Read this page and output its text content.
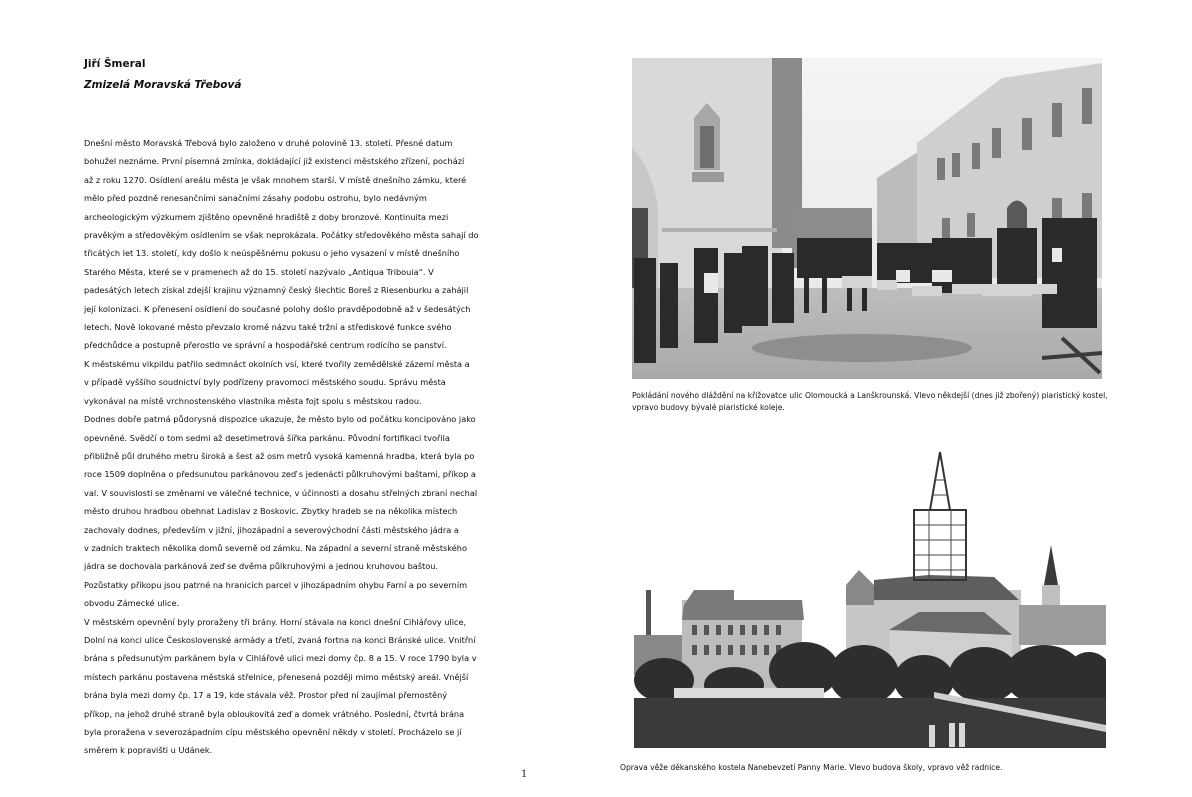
Jiří Šmeral
Zmizelá Moravská Třebová
Dnešní město Moravská Třebová bylo založeno v druhé polovině 13. století. Přesné datum
bohužel neznáme. První písemná zmínka, dokládající již existenci městského zřízení, pochází
až z roku 1270. Osídlení areálu města je však mnohem starší. V místě dnešního zámku, které
mělo před pozdně renesančními sanačními zásahy podobu ostrohu, bylo nedávným
archeologickým výzkumem zjištěno opevněné hradiště z doby bronzové. Kontinuita mezi
pravěkým a středověkým osídlením se však neprokázala. Počátky středověkého města sahají do
třicátých let 13. století, kdy došlo k neúspěšnému pokusu o jeho vysazení v místě dnešního
Starého Města, které se v pramenech až do 15. století nazývalo „Antiqua Tribouia“. V
padesátých letech získal zdejší krajinu významný český šlechtic Boreš z Riesenburku a zahájil
její kolonizaci. K přenesení osídlení do současné polohy došlo pravděpodobně až v šedesátých
letech. Nově lokované město převzalo kromě názvu také tržní a střediskové funkce svého
předchůdce a postupně přerostlo ve správní a hospodářské centrum rodícího se panství.
K městskému vikpildu patřilo sedmnáct okolních vsí, které tvořily zemědělské zázemí města a
v případě vyššího soudnictví byly podřízeny pravomoci městského soudu. Správu města
vykonával na místě vrchnostenského vlastníka města fojt spolu s městskou radou.
Dodnes dobře patrná půdorysná dispozice ukazuje, že město bylo od počátku koncipováno jako
opevněné. Svědčí o tom sedmi až desetimetrová šířka parkánu. Původní fortifikaci tvořila
přibližně půl druhého metru široká a šest až osm metrů vysoká kamenná hradba, která byla po
roce 1509 doplněna o předsunutou parkánovou zeď s jedenácti půlkruhovými baštami, příkop a
val. V souvislosti se změnami ve válečné technice, v účinnosti a dosahu střelných zbraní nechal
město druhou hradbou obehnat Ladislav z Boskovic. Zbytky hradeb se na několika místech
zachovaly dodnes, především v jižní, jihozápadní a severovýchodní části městského jádra a
v zadních traktech několika domů severně od zámku. Na západní a severní straně městského
jádra se dochovala parkánová zeď se dvěma půlkruhovými a jednou kruhovou baštou.
Pozůstatky příkopu jsou patrné na hranicích parcel v jihozápadním ohybu Farní a po severním
obvodu Zámecké ulice.
V městském opevnění byly proraženy tři brány. Horní stávala na konci dnešní Cihlářovy ulice,
Dolní na konci ulice Československé armády a třetí, zvaná fortna na konci Bránské ulice. Vnitřní
brána s předsunutým parkánem byla v Cihlářově ulici mezi domy čp. 8 a 15. V roce 1790 byla v
místech parkánu postavena městská střelnice, přenesená později mimo městský areál. Vnější
brána byla mezi domy čp. 17 a 19, kde stávala věž. Prostor před ní zaujímal přemostěný
příkop, na jehož druhé straně byla obloukovitá zeď a domek vrátného. Poslední, čtvrtá brána
byla proražena v severozápadním cípu městského opevnění někdy v století. Procházelo se jí
směrem k popravišti u Udánek.
Pokládání nového dláždění na křižovatce ulic Olomoucká a Lanškrounská. Vlevo někdejší (dnes již zbořený) piaristický kostel, vpravo budovy bývalé piaristické koleje.
Oprava věže děkanského kostela Nanebevzetí Panny Marie. Vlevo budova školy, vpravo věž radnice.
1
